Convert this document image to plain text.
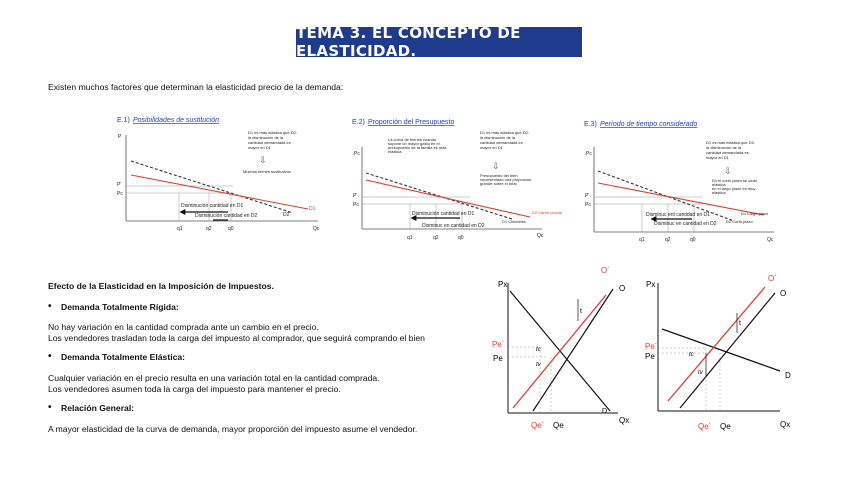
TEMA 3. EL CONCEPTO DE ELASTICIDAD.
Existen muchos factores que determinan la elasticidad precio de la demanda:
E.1) Posibilidades de sustitución
P
Qc
P'
Pc
Disminución cantidad en D1
Disminución cantidad en D2	D2
D1
q1	q2	q0
D1 es más elástica que D2:
la disminución de la
cantidad demandada es
mayor en D1
⇩
Muchos bienes sustitutivos
E.2) Proporción del Presupuesto
Pc
Qc
P'
Pc
Disminución cantidad en D1
Disminuc en cantidad en D2
D1 Chicheles
D2 Carne picada
q1	q2	q0
La curva de bienes cuando
supone un mayor gasto en el
presupuesto de la familia es más
elástica
D1 es más elástica que D2:
la disminución de la
cantidad demandada es
mayor en D1
⇩
Presupuesto del bien
representado una proporción
grande sobre el total
E.3) Período de tiempo considerado
Pc
Qc
P'
Pc
Disminuc ent cantidad en D1
Disminuc en cantidad en D2 D2 Corto plazo
D1 Largo plazo
q1	q2	q0
D1 es más elástica que D2:
la disminución de la
cantidad demandada es
mayor en D1
⇩
En el corto plazo se dedo
elástica
en el largo plazo es muy
elástica
Efecto de la Elasticidad en la Imposición de Impuestos.
• Demanda Totalmente Rígida:
No hay variación en la cantidad comprada ante un cambio en el precio.
Los vendedores trasladan toda la carga del impuesto al comprador, que seguirá comprando el bien
• Demanda Totalmente Elástica:
Cualquier variación en el precio resulta en una variación total en la cantidad comprada.
Los vendedores asumen toda la carga del impuesto para mantener el precio.
• Relación General:
A mayor elasticidad de la curva de demanda, mayor proporción del impuesto asume el vendedor.
Px
Qx
D
O´
O
Pe´
Pe
Qe´ Qe
t
tc
tv
Px
Qx
D
O´
O
Pe´
Pe
Qe´ Qe
t
tc
tv
